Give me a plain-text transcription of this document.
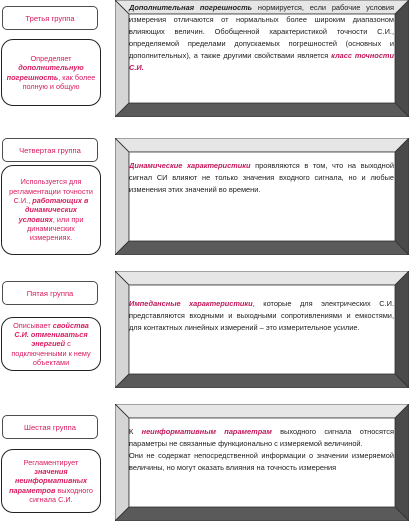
Третья группа
Определяет дополнительную погрешность, как более полную и общую
Дополнительная погрешность нормируется, если рабочие условия измерения отличаются от нормальных более широким диапазоном влияющих величин. Обобщенной характеристикой точности С.И., определяемой пределами допускаемых погрешностей (основных и дополнительных), а также другими свойствами является класс точности С.И.
Четвертая группа
Используется для регламентации точности С.И., работающих в динамических условиях, или при динамических измерениях.
Динамические характеристики проявляются в том, что на выходной сигнал СИ влияют не только значения входного сигнала, но и любые изменения этих значений во времени.
Пятая группа
Описывает свойства С.И. отмениваться энергией с подключенными к нему объектами
Импедансные характеристики, которые для электрических С.И. представляются входными и выходными сопротивлениями и емкостями, для контактных линейных измерений – это измерительное усилие.
Шестая группа
Регламентирует значения неинформативных параметров выходного сигнала С.И.
К неинформативным параметрам выходного сигнала относятся параметры не связанные функционально с измеряемой величиной.
Они не содержат непосредственной информации о значении измеряемой величины, но могут оказать влияния на точность измерения
